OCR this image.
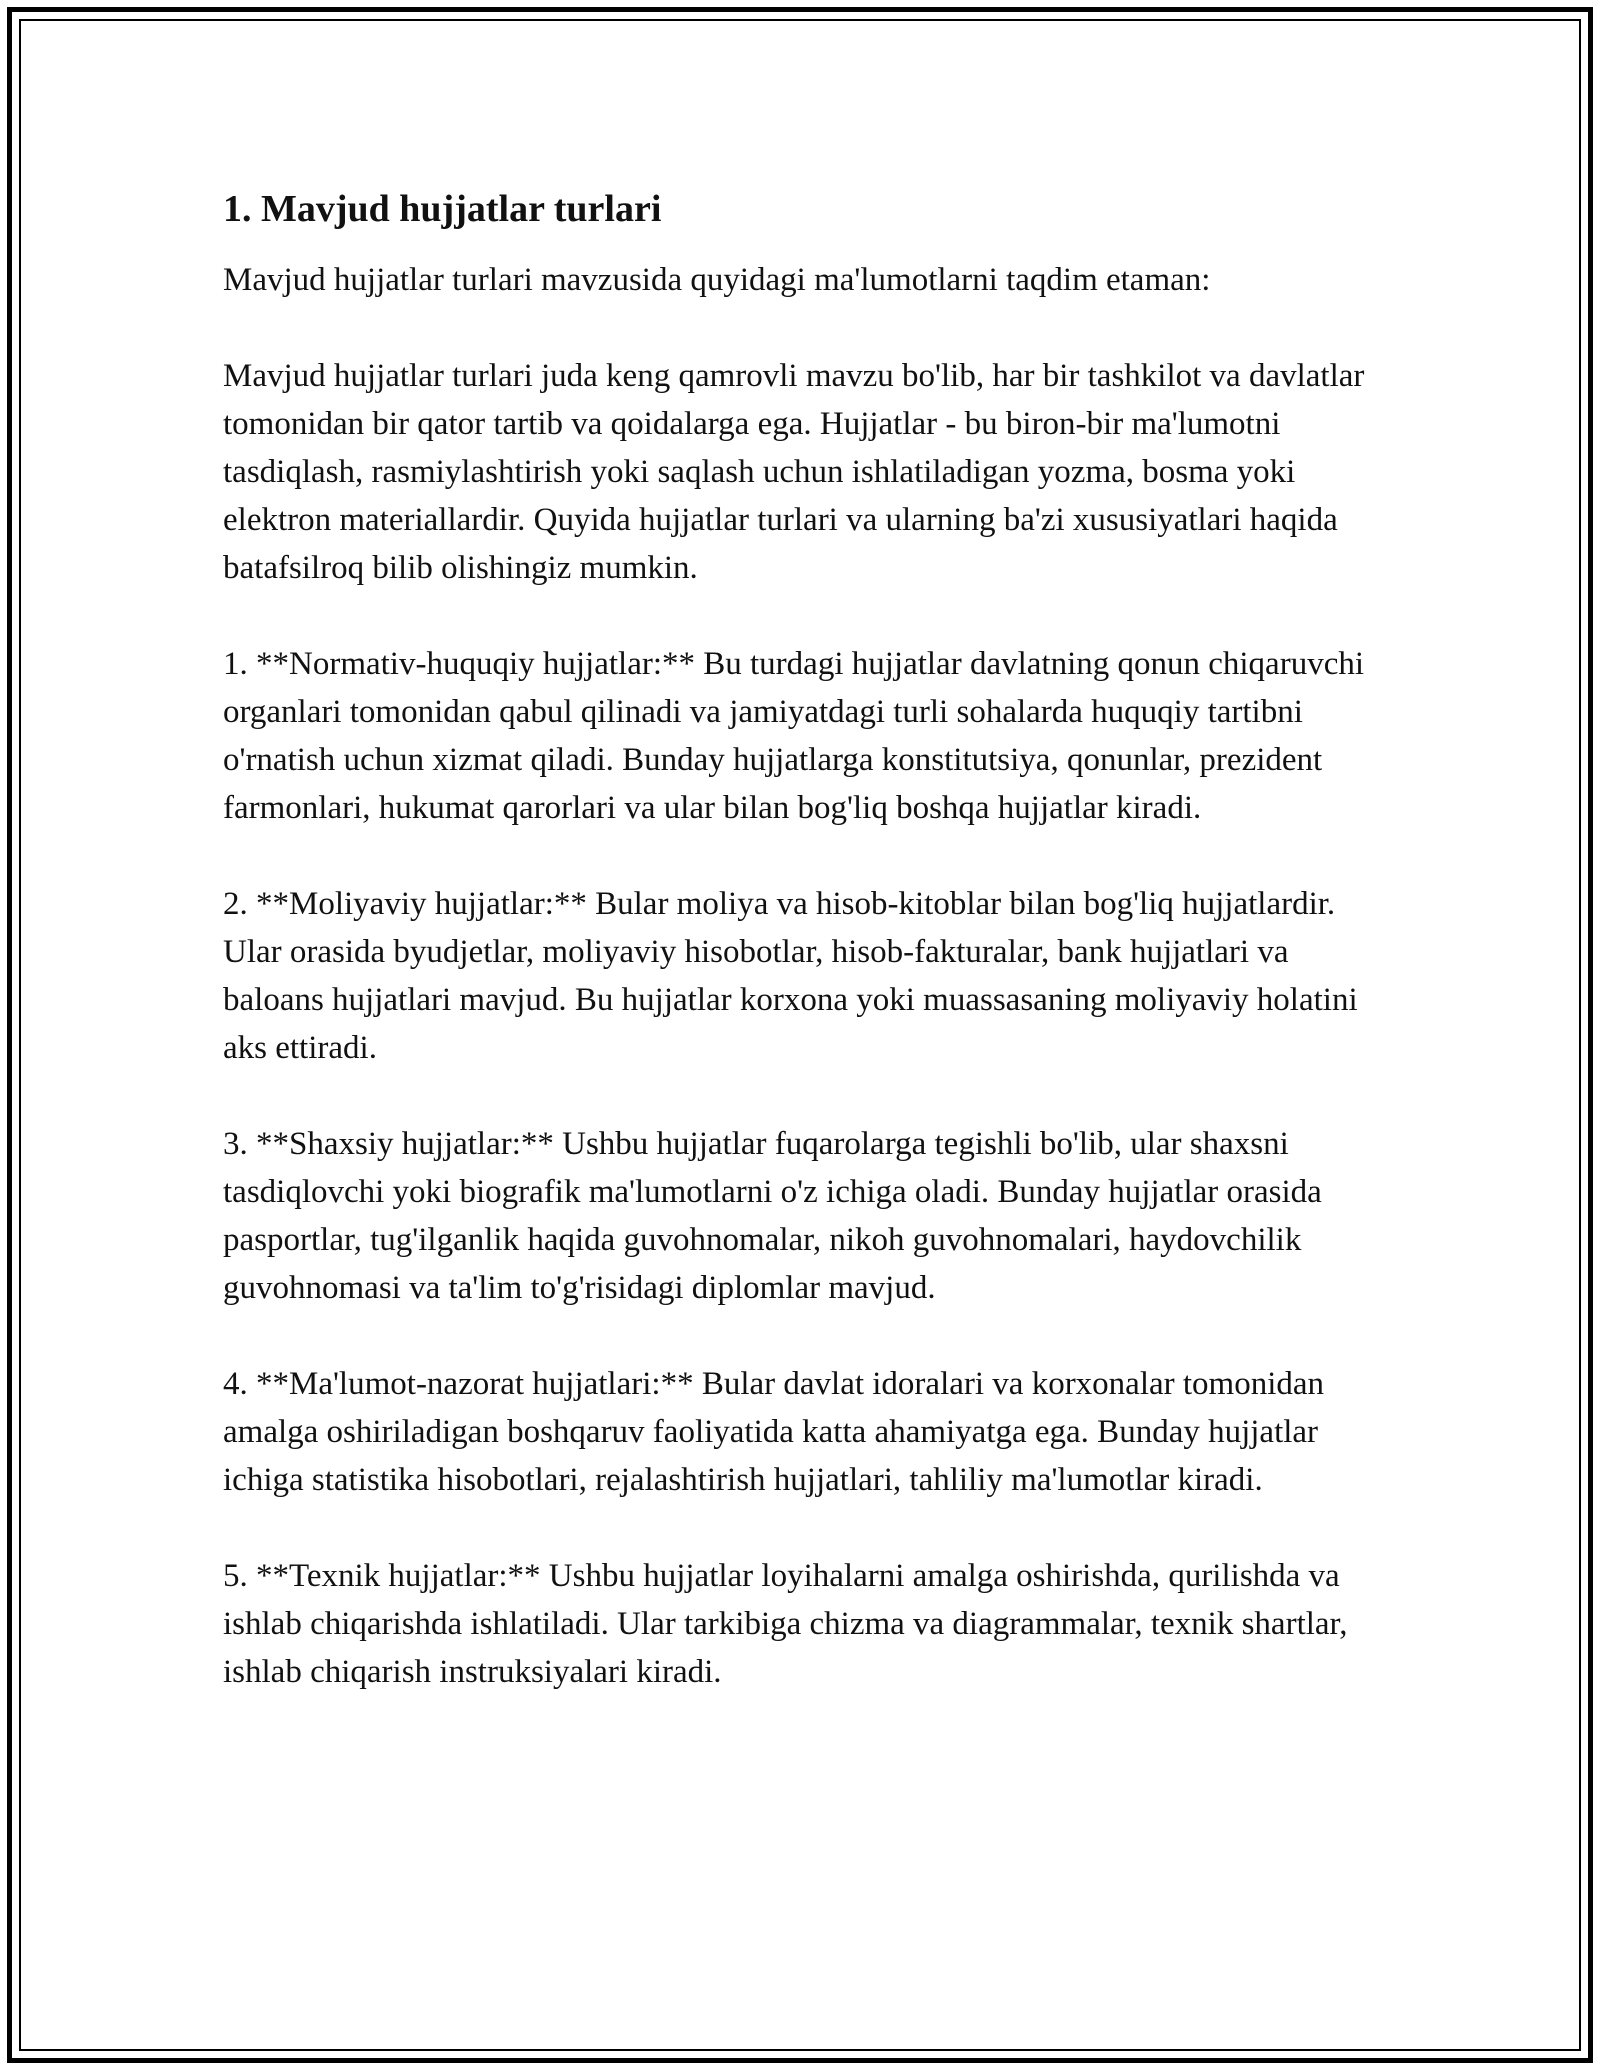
1. Mavjud hujjatlar turlari

Mavjud hujjatlar turlari mavzusida quyidagi ma'lumotlarni taqdim etaman:

Mavjud hujjatlar turlari juda keng qamrovli mavzu bo'lib, har bir tashkilot va davlatlar tomonidan bir qator tartib va qoidalarga ega. Hujjatlar - bu biron-bir ma'lumotni tasdiqlash, rasmiylashtirish yoki saqlash uchun ishlatiladigan yozma, bosma yoki elektron materiallardir. Quyida hujjatlar turlari va ularning ba'zi xususiyatlari haqida batafsilroq bilib olishingiz mumkin.

1. **Normativ-huquqiy hujjatlar:** Bu turdagi hujjatlar davlatning qonun chiqaruvchi organlari tomonidan qabul qilinadi va jamiyatdagi turli sohalarda huquqiy tartibni o'rnatish uchun xizmat qiladi. Bunday hujjatlarga konstitutsiya, qonunlar, prezident farmonlari, hukumat qarorlari va ular bilan bog'liq boshqa hujjatlar kiradi.

2. **Moliyaviy hujjatlar:** Bular moliya va hisob-kitoblar bilan bog'liq hujjatlardir. Ular orasida byudjetlar, moliyaviy hisobotlar, hisob-fakturalar, bank hujjatlari va baloans hujjatlari mavjud. Bu hujjatlar korxona yoki muassasaning moliyaviy holatini aks ettiradi.

3. **Shaxsiy hujjatlar:** Ushbu hujjatlar fuqarolarga tegishli bo'lib, ular shaxsni tasdiqlovchi yoki biografik ma'lumotlarni o'z ichiga oladi. Bunday hujjatlar orasida pasportlar, tug'ilganlik haqida guvohnomalar, nikoh guvohnomalari, haydovchilik guvohnomasi va ta'lim to'g'risidagi diplomlar mavjud.

4. **Ma'lumot-nazorat hujjatlari:** Bular davlat idoralari va korxonalar tomonidan amalga oshiriladigan boshqaruv faoliyatida katta ahamiyatga ega. Bunday hujjatlar ichiga statistika hisobotlari, rejalashtirish hujjatlari, tahliliy ma'lumotlar kiradi.

5. **Texnik hujjatlar:** Ushbu hujjatlar loyihalarni amalga oshirishda, qurilishda va ishlab chiqarishda ishlatiladi. Ular tarkibiga chizma va diagrammalar, texnik shartlar, ishlab chiqarish instruksiyalari kiradi.
